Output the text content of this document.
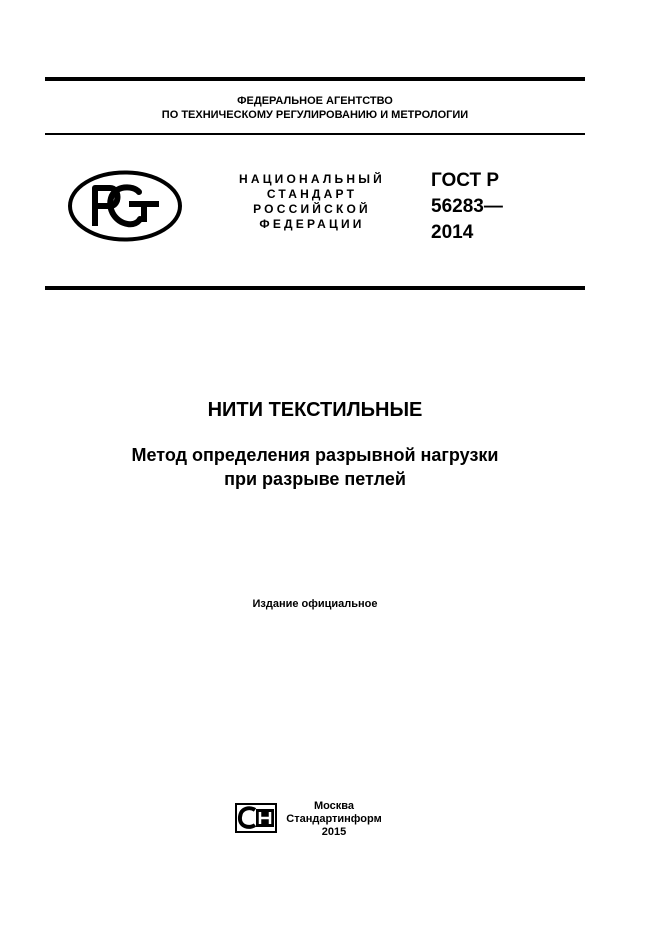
ФЕДЕРАЛЬНОЕ АГЕНТСТВО
ПО ТЕХНИЧЕСКОМУ РЕГУЛИРОВАНИЮ И МЕТРОЛОГИИ
НАЦИОНАЛЬНЫЙ
СТАНДАРТ
РОССИЙСКОЙ
ФЕДЕРАЦИИ
ГОСТ Р
56283—
2014
НИТИ ТЕКСТИЛЬНЫЕ
Метод определения разрывной нагрузки
при разрыве петлей
Издание официальное
Москва
Стандартинформ
2015
